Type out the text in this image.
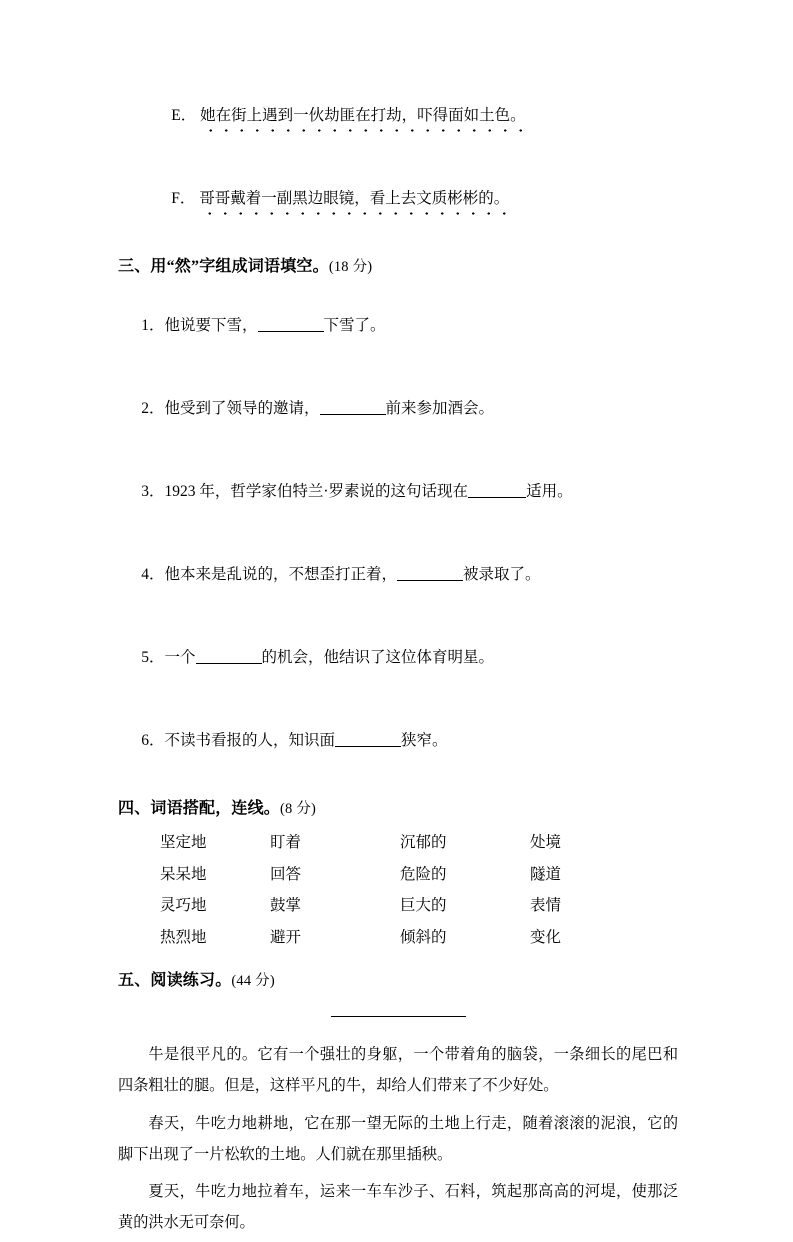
E． 她在街上遇到一伙劫匪在打劫，吓得面如土色。

F． 哥哥戴着一副黑边眼镜，看上去文质彬彬的。

三、用“然”字组成词语填空。(18 分)

1．他说要下雪，	下雪了。

2．他受到了领导的邀请，	前来参加酒会。

3．1923 年，哲学家伯特兰·罗素说的这句话现在	适用。

4．他本来是乱说的，不想歪打正着，	被录取了。

5．一个	的机会，他结识了这位体育明星。

6．不读书看报的人，知识面	狭窄。

四、词语搭配，连线。(8 分)
坚定地	盯着	沉郁的	处境
呆呆地	回答	危险的	隧道
灵巧地	鼓掌	巨大的	表情
热烈地	避开	倾斜的	变化
五、阅读练习。(44 分)

牛是很平凡的。它有一个强壮的身躯，一个带着角的脑袋，一条细长的尾巴和四条粗壮的腿。但是，这样平凡的牛，却给人们带来了不少好处。

春天，牛吃力地耕地，它在那一望无际的土地上行走，随着滚滚的泥浪，它的脚下出现了一片松软的土地。人们就在那里插秧。

夏天，牛吃力地拉着车，运来一车车沙子、石料，筑起那高高的河堤，使那泛黄的洪水无可奈何。
